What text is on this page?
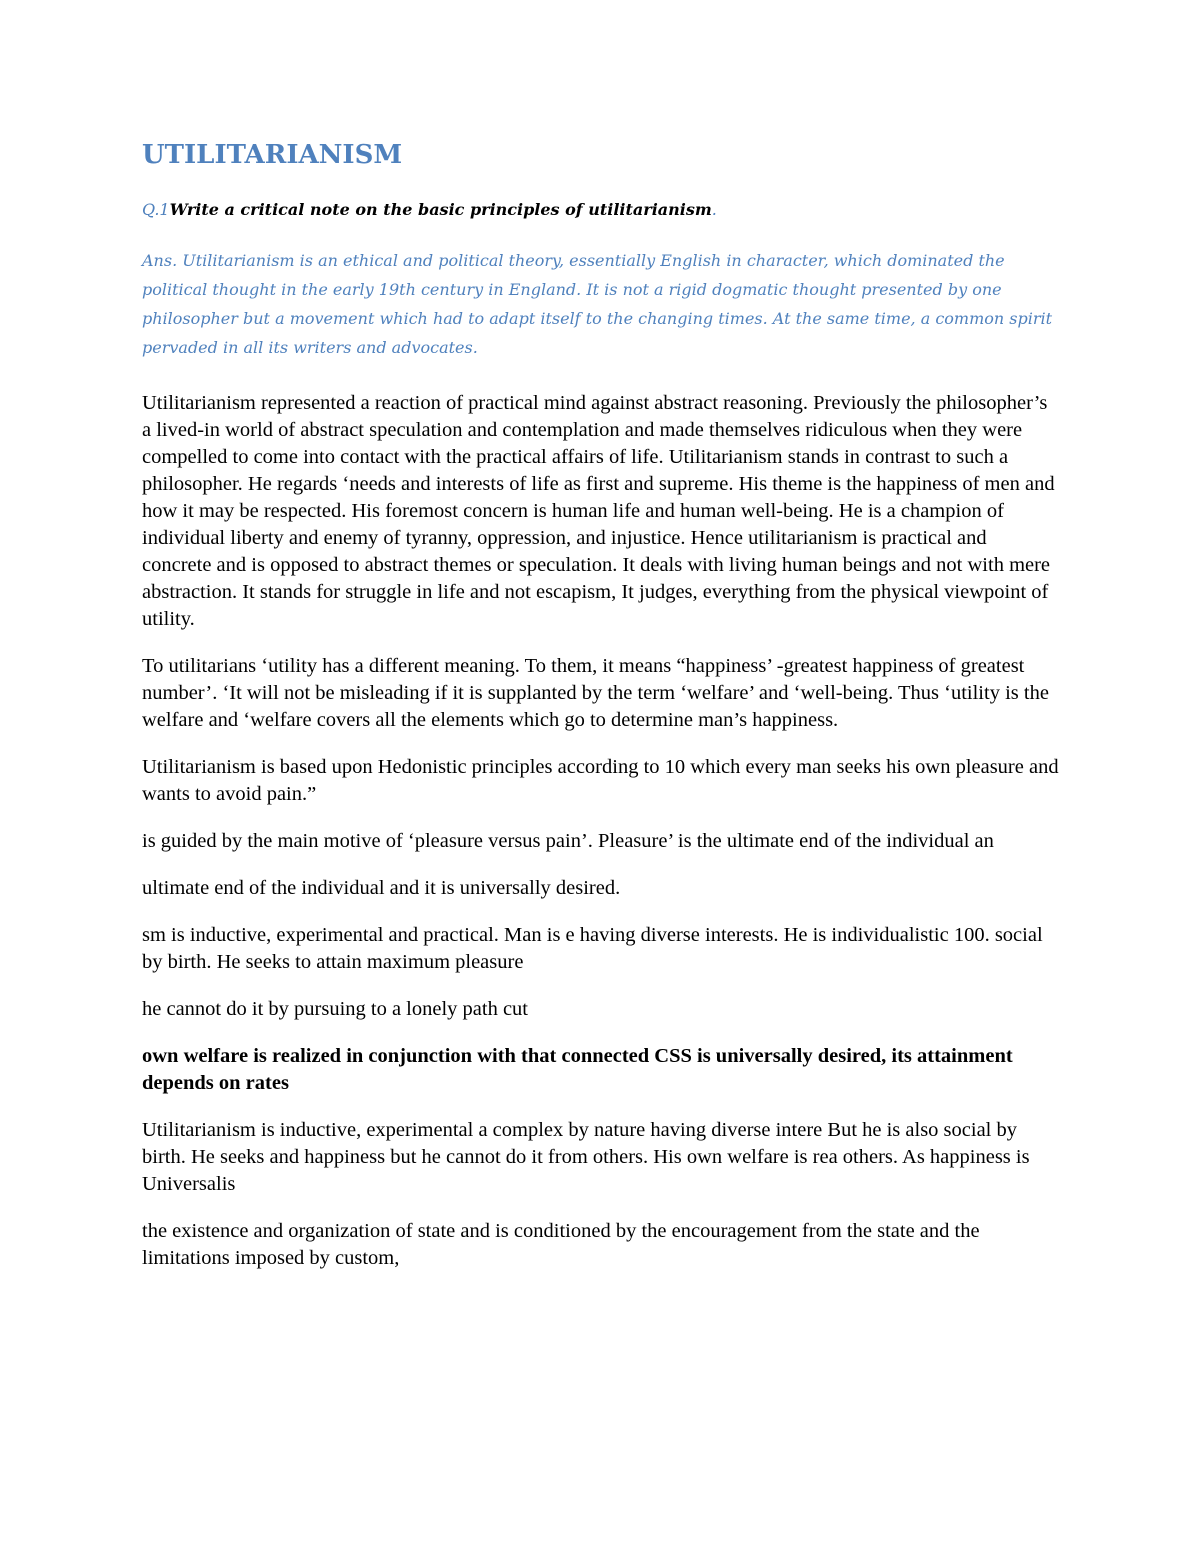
UTILITARIANISM

Q.1Write a critical note on the basic principles of utilitarianism.

Ans. Utilitarianism is an ethical and political theory, essentially English in character, which dominated the political thought in the early 19th century in England. It is not a rigid dogmatic thought presented by one philosopher but a movement which had to adapt itself to the changing times. At the same time, a common spirit pervaded in all its writers and advocates.

Utilitarianism represented a reaction of practical mind against abstract reasoning. Previously the philosopher’s a lived-in world of abstract speculation and contemplation and made themselves ridiculous when they were compelled to come into contact with the practical affairs of life. Utilitarianism stands in contrast to such a philosopher. He regards ‘needs and interests of life as first and supreme. His theme is the happiness of men and how it may be respected. His foremost concern is human life and human well-being. He is a champion of individual liberty and enemy of tyranny, oppression, and injustice. Hence utilitarianism is practical and concrete and is opposed to abstract themes or speculation. It deals with living human beings and not with mere abstraction. It stands for struggle in life and not escapism, It judges, everything from the physical viewpoint of utility.

To utilitarians ‘utility has a different meaning. To them, it means “happiness’ -greatest happiness of greatest number’. ‘It will not be misleading if it is supplanted by the term ‘welfare’ and ‘well-being. Thus ‘utility is the welfare and ‘welfare covers all the elements which go to determine man’s happiness.

Utilitarianism is based upon Hedonistic principles according to 10 which every man seeks his own pleasure and wants to avoid pain.”

is guided by the main motive of ‘pleasure versus pain’. Pleasure’ is the ultimate end of the individual an

ultimate end of the individual and it is universally desired.

sm is inductive, experimental and practical. Man is e having diverse interests. He is individualistic 100. social by birth. He seeks to attain maximum pleasure

he cannot do it by pursuing to a lonely path cut

own welfare is realized in conjunction with that connected CSS is universally desired, its attainment depends on rates

Utilitarianism is inductive, experimental a complex by nature having diverse intere But he is also social by birth. He seeks and happiness but he cannot do it from others. His own welfare is rea others. As happiness is Universalis

the existence and organization of state and is conditioned by the encouragement from the state and the limitations imposed by custom,
